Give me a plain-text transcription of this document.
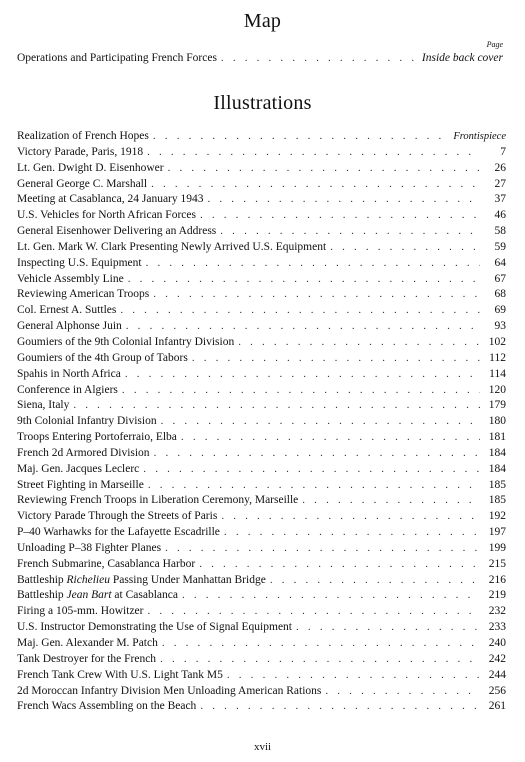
Map
Page
Operations and Participating French Forces . . .	Inside back cover
Illustrations
Realization of French Hopes . . .	Frontispiece
Victory Parade, Paris, 1918 . . .	7
Lt. Gen. Dwight D. Eisenhower . . .	26
General George C. Marshall . . .	27
Meeting at Casablanca, 24 January 1943 . . .	37
U.S. Vehicles for North African Forces . . .	46
General Eisenhower Delivering an Address . . .	58
Lt. Gen. Mark W. Clark Presenting Newly Arrived U.S. Equipment . . .	59
Inspecting U.S. Equipment . . .	64
Vehicle Assembly Line . . .	67
Reviewing American Troops . . .	68
Col. Ernest A. Suttles . . .	69
General Alphonse Juin . . .	93
Goumiers of the 9th Colonial Infantry Division . . .	102
Goumiers of the 4th Group of Tabors . . .	112
Spahis in North Africa . . .	114
Conference in Algiers . . .	120
Siena, Italy . . .	179
9th Colonial Infantry Division . . .	180
Troops Entering Portoferraio, Elba . . .	181
French 2d Armored Division . . .	184
Maj. Gen. Jacques Leclerc . . .	184
Street Fighting in Marseille . . .	185
Reviewing French Troops in Liberation Ceremony, Marseille . . .	185
Victory Parade Through the Streets of Paris . . .	192
P–40 Warhawks for the Lafayette Escadrille . . .	197
Unloading P–38 Fighter Planes . . .	199
French Submarine, Casablanca Harbor . . .	215
Battleship Richelieu Passing Under Manhattan Bridge . . .	216
Battleship Jean Bart at Casablanca . . .	219
Firing a 105-mm. Howitzer . . .	232
U.S. Instructor Demonstrating the Use of Signal Equipment . . .	233
Maj. Gen. Alexander M. Patch . . .	240
Tank Destroyer for the French . . .	242
French Tank Crew With U.S. Light Tank M5 . . .	244
2d Moroccan Infantry Division Men Unloading American Rations . . .	256
French Wacs Assembling on the Beach . . .	261
xvii
